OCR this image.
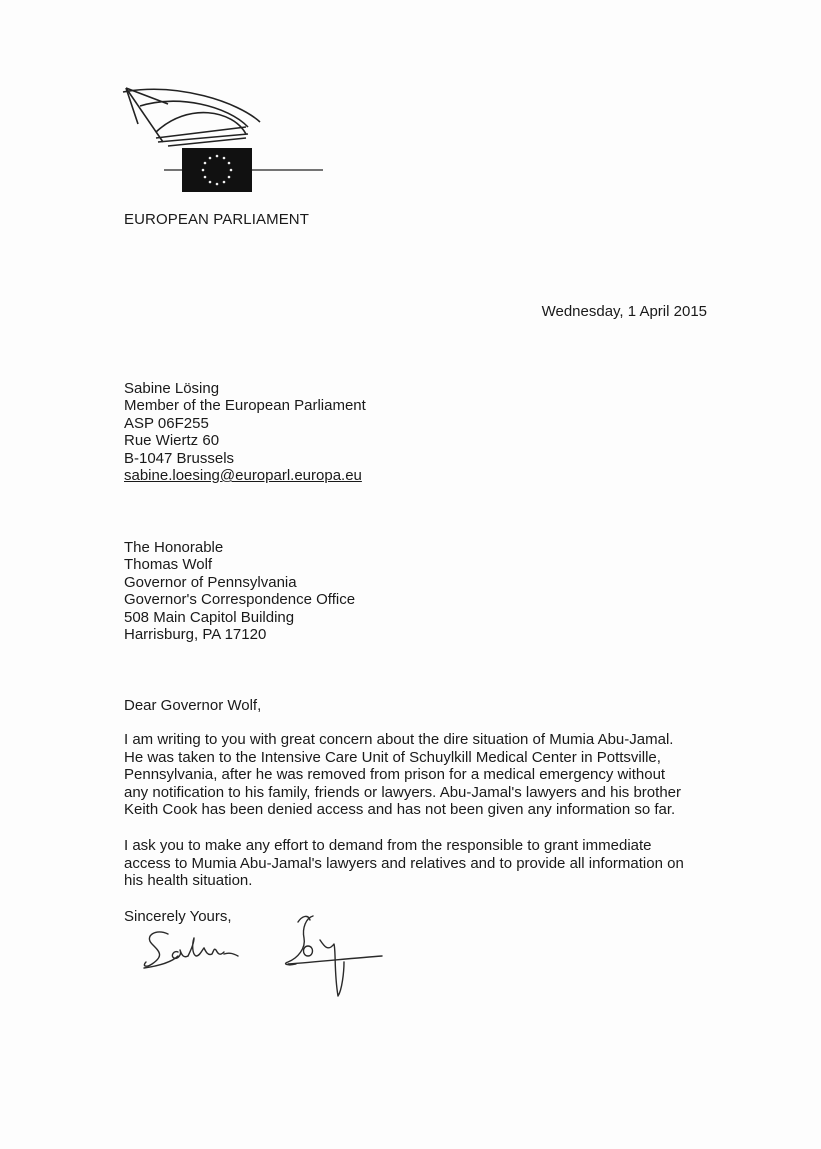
EUROPEAN PARLIAMENT
Wednesday, 1 April 2015
Sabine Lösing
Member of the European Parliament
ASP 06F255
Rue Wiertz 60
B-1047 Brussels
sabine.loesing@europarl.europa.eu
The Honorable
Thomas Wolf
Governor of Pennsylvania
Governor's Correspondence Office
508 Main Capitol Building
Harrisburg, PA 17120
Dear Governor Wolf,
I am writing to you with great concern about the dire situation of Mumia Abu-Jamal.
He was taken to the Intensive Care Unit of Schuylkill Medical Center in Pottsville,
Pennsylvania, after he was removed from prison for a medical emergency without
any notification to his family, friends or lawyers. Abu-Jamal's lawyers and his brother
Keith Cook has been denied access and has not been given any information so far.
I ask you to make any effort to demand from the responsible to grant immediate
access to Mumia Abu-Jamal's lawyers and relatives and to provide all information on
his health situation.
Sincerely Yours,
